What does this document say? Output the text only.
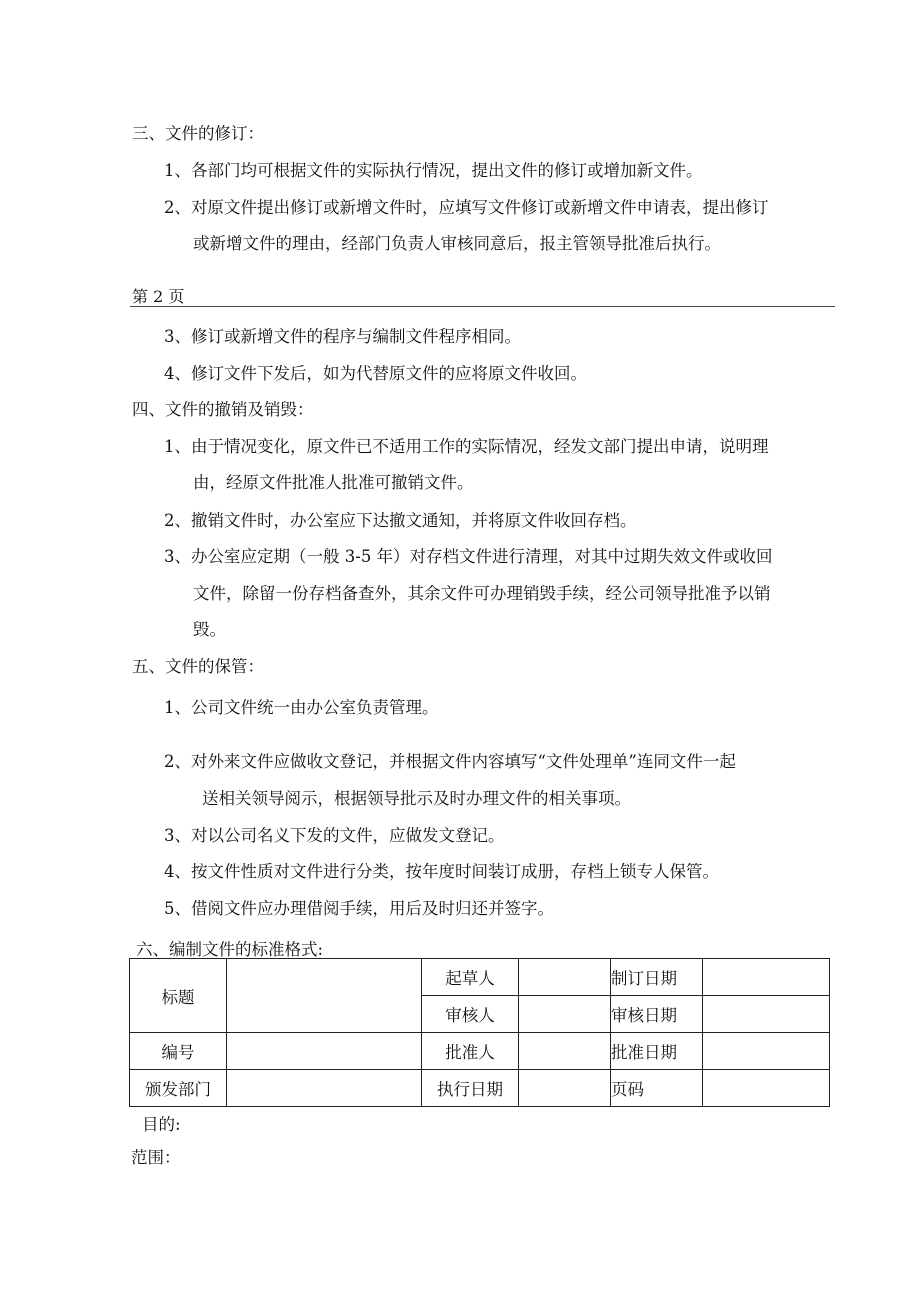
三、文件的修订：
1、各部门均可根据文件的实际执行情况，提出文件的修订或增加新文件。
2、对原文件提出修订或新增文件时，应填写文件修订或新增文件申请表，提出修订
或新增文件的理由，经部门负责人审核同意后，报主管领导批准后执行。
第 2 页
3、修订或新增文件的程序与编制文件程序相同。
4、修订文件下发后，如为代替原文件的应将原文件收回。
四、文件的撤销及销毁：
1、由于情况变化，原文件已不适用工作的实际情况，经发文部门提出申请，说明理
由，经原文件批准人批准可撤销文件。
2、撤销文件时，办公室应下达撤文通知，并将原文件收回存档。
3、办公室应定期（一般 3-5 年）对存档文件进行清理，对其中过期失效文件或收回
文件，除留一份存档备查外，其余文件可办理销毁手续，经公司领导批准予以销
毁。
五、文件的保管：
1、公司文件统一由办公室负责管理。
2、对外来文件应做收文登记，并根据文件内容填写“文件处理单”连同文件一起
送相关领导阅示，根据领导批示及时办理文件的相关事项。
3、对以公司名义下发的文件，应做发文登记。
4、按文件性质对文件进行分类，按年度时间装订成册，存档上锁专人保管。
5、借阅文件应办理借阅手续，用后及时归还并签字。
六、编制文件的标准格式:
标题		起草人		制订日期	
		审核人		审核日期	
编号		批准人		批准日期	
颁发部门		执行日期		页码	
目的:
范围：
